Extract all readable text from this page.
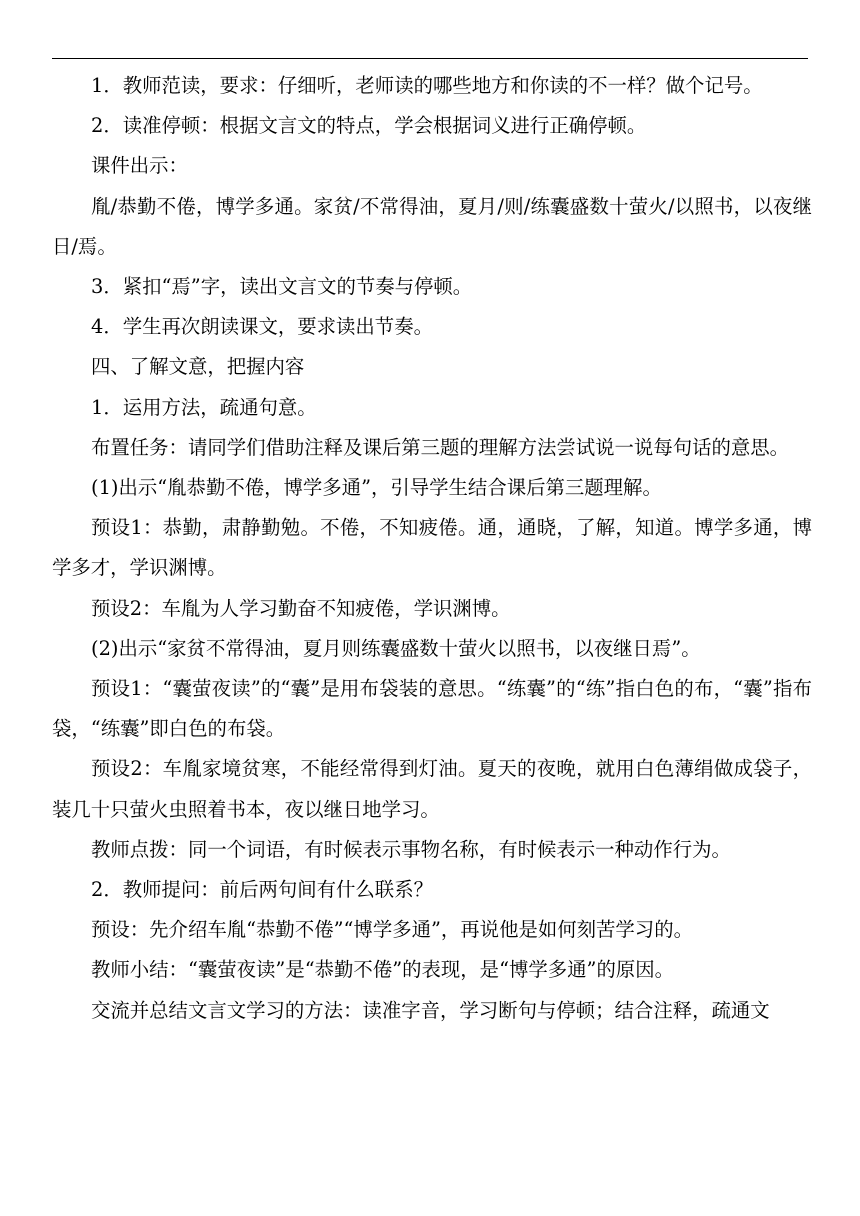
1．教师范读，要求：仔细听，老师读的哪些地方和你读的不一样？做个记号。

2．读准停顿：根据文言文的特点，学会根据词义进行正确停顿。

课件出示：

胤/恭勤不倦，博学多通。家贫/不常得油，夏月/则/练囊盛数十萤火/以照书，以夜继日/焉。

3．紧扣“焉”字，读出文言文的节奏与停顿。

4．学生再次朗读课文，要求读出节奏。

四、了解文意，把握内容

1．运用方法，疏通句意。

布置任务：请同学们借助注释及课后第三题的理解方法尝试说一说每句话的意思。

(1)出示“胤恭勤不倦，博学多通”，引导学生结合课后第三题理解。

预设1：恭勤，肃静勤勉。不倦，不知疲倦。通，通晓，了解，知道。博学多通，博学多才，学识渊博。

预设2：车胤为人学习勤奋不知疲倦，学识渊博。

(2)出示“家贫不常得油，夏月则练囊盛数十萤火以照书，以夜继日焉”。

预设1：“囊萤夜读”的“囊”是用布袋装的意思。“练囊”的“练”指白色的布，“囊”指布袋，“练囊”即白色的布袋。

预设2：车胤家境贫寒，不能经常得到灯油。夏天的夜晚，就用白色薄绢做成袋子，装几十只萤火虫照着书本，夜以继日地学习。

教师点拨：同一个词语，有时候表示事物名称，有时候表示一种动作行为。

2．教师提问：前后两句间有什么联系？

预设：先介绍车胤“恭勤不倦”“博学多通”，再说他是如何刻苦学习的。

教师小结：“囊萤夜读”是“恭勤不倦”的表现，是“博学多通”的原因。

交流并总结文言文学习的方法：读准字音，学习断句与停顿；结合注释，疏通文
